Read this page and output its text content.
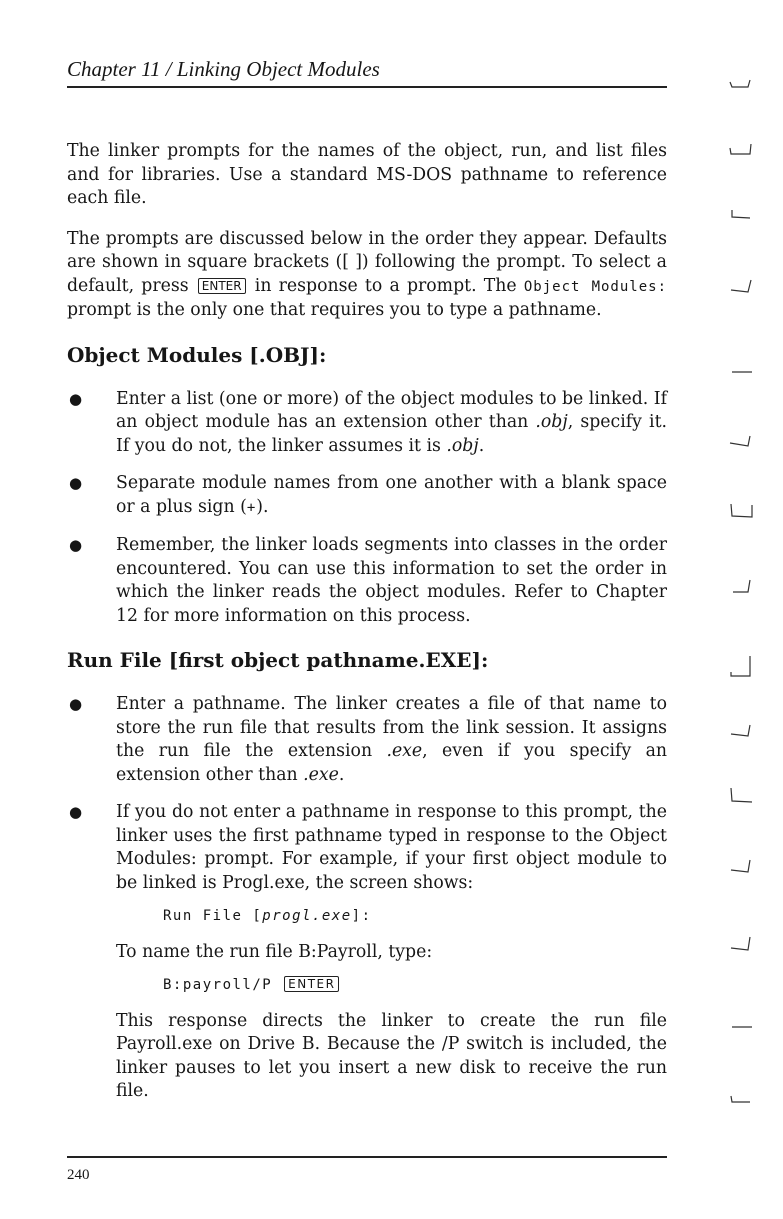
Chapter 11 / Linking Object Modules

The linker prompts for the names of the object, run, and list files and for libraries. Use a standard MS-DOS pathname to reference each file.

The prompts are discussed below in the order they appear. Defaults are shown in square brackets ([ ]) following the prompt. To select a default, press ENTER in response to a prompt. The Object Modules: prompt is the only one that requires you to type a pathname.

Object Modules [.OBJ]:
● Enter a list (one or more) of the object modules to be linked. If an object module has an extension other than .obj, specify it. If you do not, the linker assumes it is .obj.

● Separate module names from one another with a blank space or a plus sign (+).

● Remember, the linker loads segments into classes in the order encountered. You can use this information to set the order in which the linker reads the object modules. Refer to Chapter 12 for more information on this process.

Run File [first object pathname.EXE]:
● Enter a pathname. The linker creates a file of that name to store the run file that results from the link session. It assigns the run file the extension .exe, even if you specify an extension other than .exe.

● If you do not enter a pathname in response to this prompt, the linker uses the first pathname typed in response to the Object Modules: prompt. For example, if your first object module to be linked is Progl.exe, the screen shows:

Run File [progl.exe]:

To name the run file B:Payroll, type:

B:payroll/P ENTER

This response directs the linker to create the run file Payroll.exe on Drive B. Because the /P switch is included, the linker pauses to let you insert a new disk to receive the run file.

240
